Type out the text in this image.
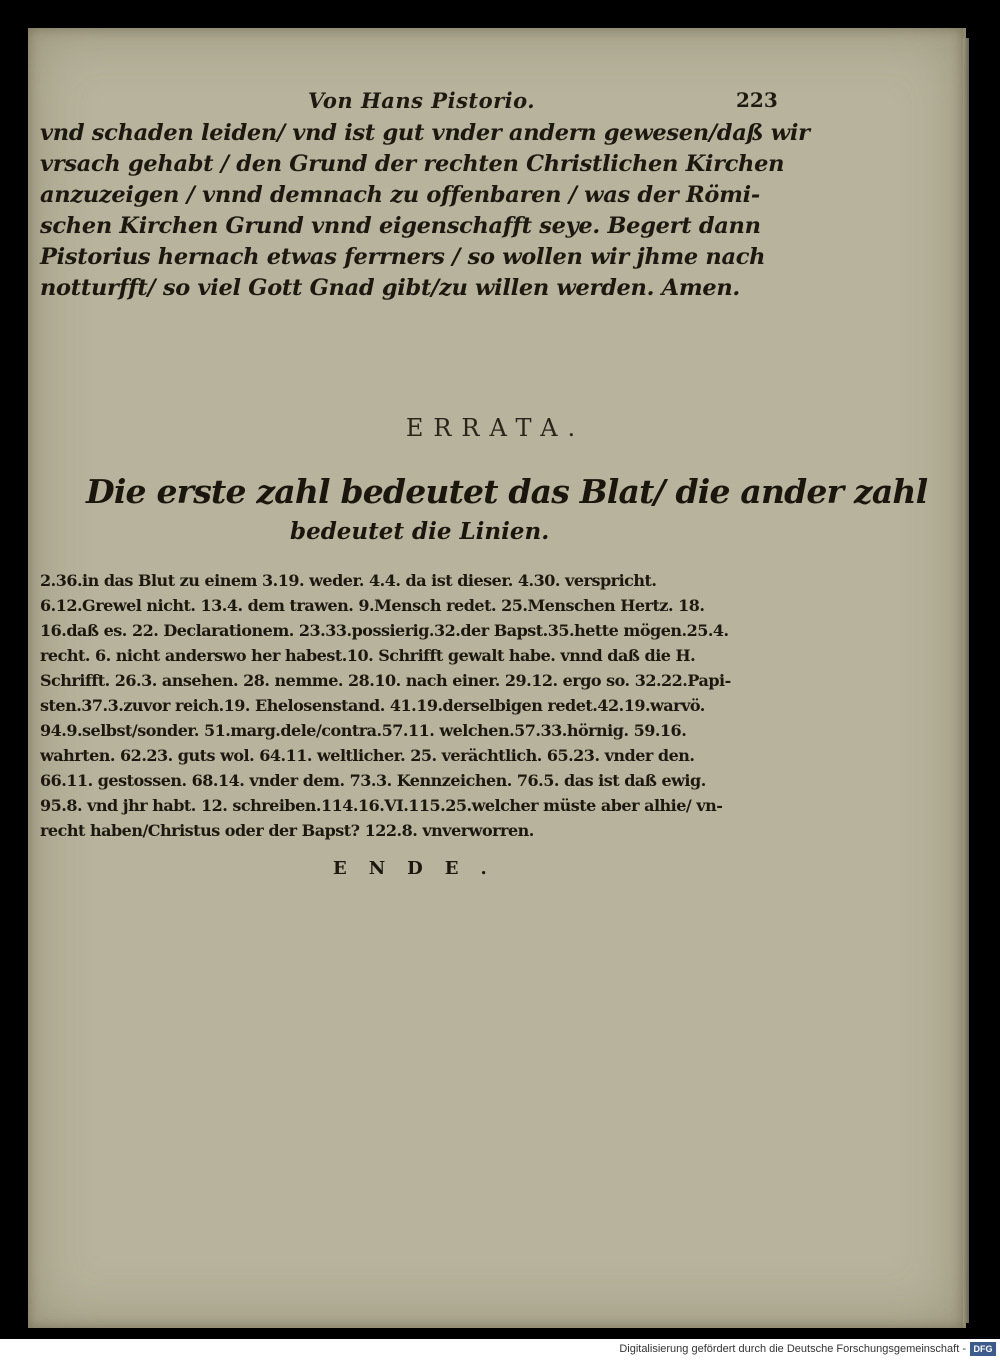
Von Hans Pistorio.	223
vnd schaden leiden/ vnd ist gut vnder andern gewesen/daß wir
vrsach gehabt / den Grund der rechten Christlichen Kirchen
anzuzeigen / vnnd demnach zu offenbaren / was der Römi-
schen Kirchen Grund vnnd eigenschafft seye. Begert dann
Pistorius hernach etwas ferrners / so wollen wir jhme nach
notturfft/ so viel Gott Gnad gibt/zu willen werden. Amen.
ERRATA.
Die erste zahl bedeutet das Blat/ die ander zahl
bedeutet die Linien.
2.36.in das Blut zu einem 3.19. weder. 4.4. da ist dieser. 4.30. verspricht.
6.12.Grewel nicht. 13.4. dem trawen. 9.Mensch redet. 25.Menschen Hertz. 18.
16.daß es. 22. Declarationem. 23.33.possierig.32.der Bapst.35.hette mögen.25.4.
recht. 6. nicht anderswo her habest.10. Schrifft gewalt habe. vnnd daß die H.
Schrifft. 26.3. ansehen. 28. nemme. 28.10. nach einer. 29.12. ergo so. 32.22.Papi-
sten.37.3.zuvor reich.19. Ehelosenstand. 41.19.derselbigen redet.42.19.warvö.
94.9.selbst/sonder. 51.marg.dele/contra.57.11. welchen.57.33.hörnig. 59.16.
wahrten. 62.23. guts wol. 64.11. weltlicher. 25. verächtlich. 65.23. vnder den.
66.11. gestossen. 68.14. vnder dem. 73.3. Kennzeichen. 76.5. das ist daß ewig.
95.8. vnd jhr habt. 12. schreiben.114.16.VI.115.25.welcher müste aber alhie/ vn-
recht haben/Christus oder der Bapst? 122.8. vnverworren.
ENDE.
Digitalisierung gefördert durch die Deutsche Forschungsgemeinschaft - DFG
